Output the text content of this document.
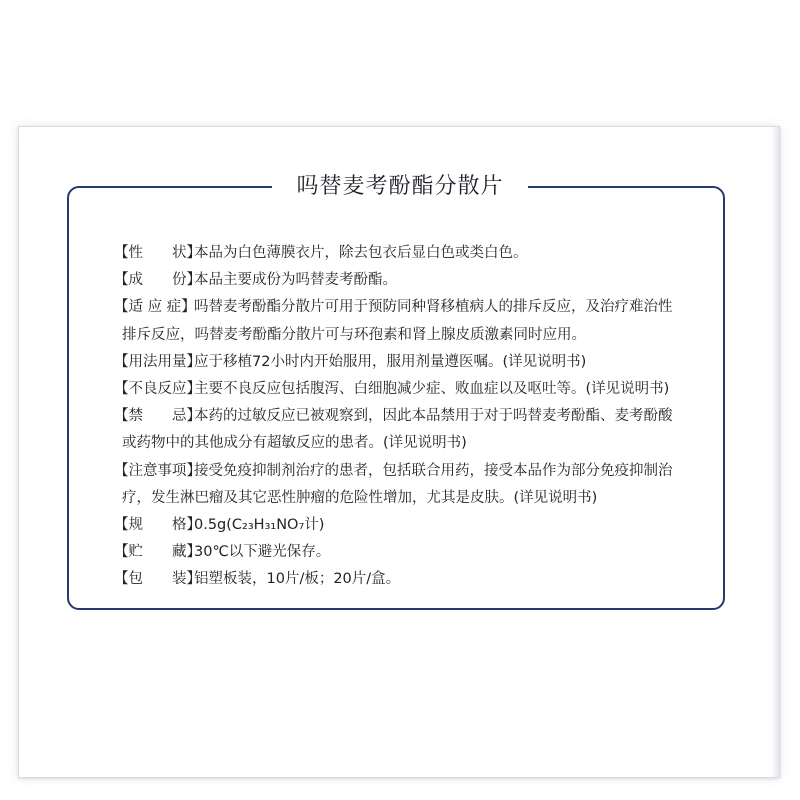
吗替麦考酚酯分散片
【性　　状】本品为白色薄膜衣片，除去包衣后显白色或类白色。
【成　　份】本品主要成份为吗替麦考酚酯。
【适 应 症】吗替麦考酚酯分散片可用于预防同种肾移植病人的排斥反应，及治疗难治性
排斥反应，吗替麦考酚酯分散片可与环孢素和肾上腺皮质激素同时应用。
【用法用量】应于移植72小时内开始服用，服用剂量遵医嘱。(详见说明书)
【不良反应】主要不良反应包括腹泻、白细胞减少症、败血症以及呕吐等。(详见说明书)
【禁　　忌】本药的过敏反应已被观察到，因此本品禁用于对于吗替麦考酚酯、麦考酚酸
或药物中的其他成分有超敏反应的患者。(详见说明书)
【注意事项】接受免疫抑制剂治疗的患者，包括联合用药，接受本品作为部分免疫抑制治
疗，发生淋巴瘤及其它恶性肿瘤的危险性增加，尤其是皮肤。(详见说明书)
【规　　格】0.5g(C₂₃H₃₁NO₇计)
【贮　　藏】30℃以下避光保存。
【包　　装】铝塑板装，10片/板；20片/盒。
